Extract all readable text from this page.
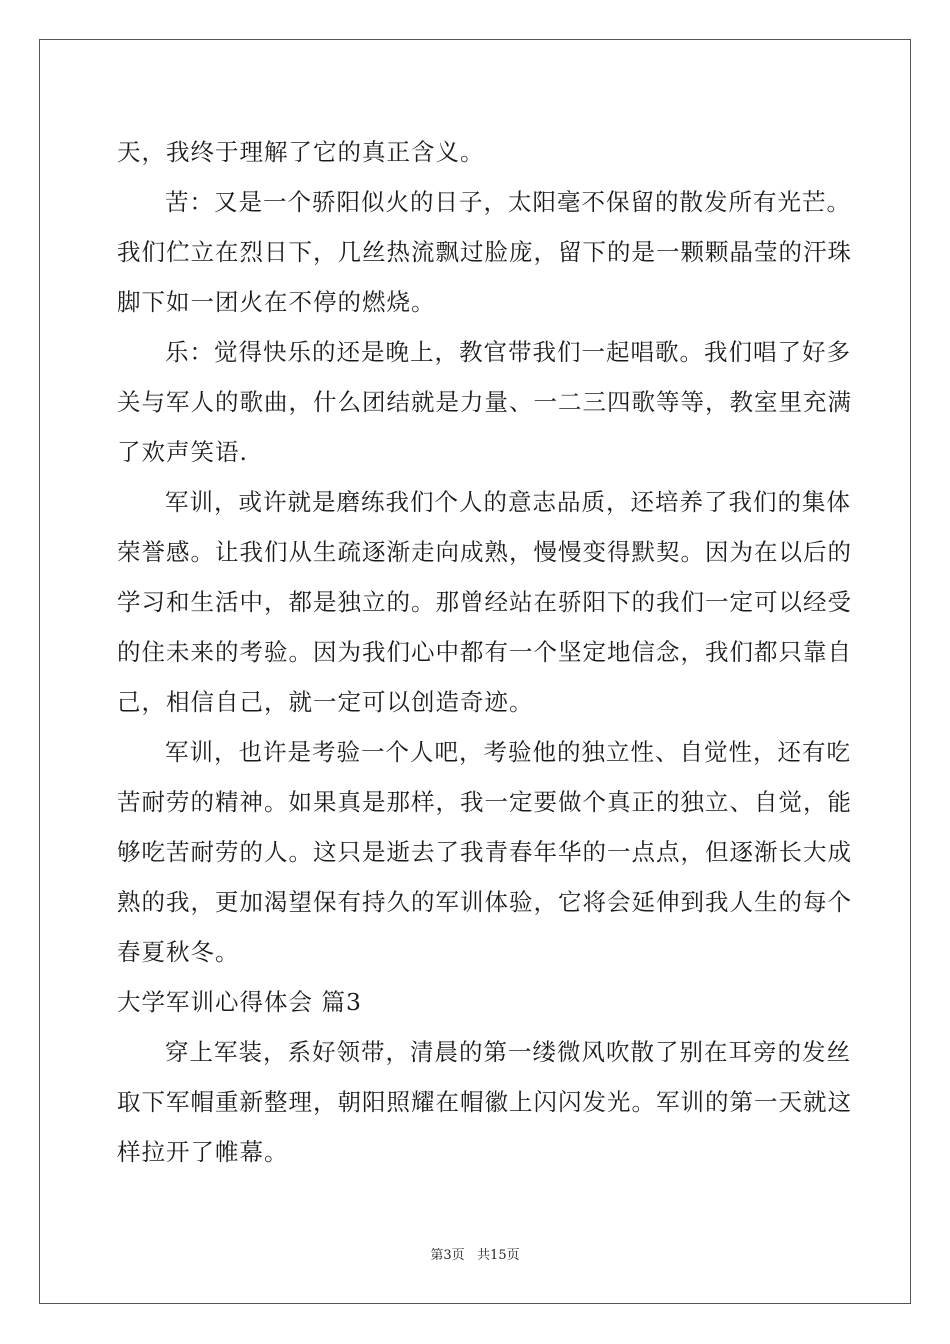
天，我终于理解了它的真正含义。
苦：又是一个骄阳似火的日子，太阳毫不保留的散发所有光芒。
我们伫立在烈日下，几丝热流飘过脸庞，留下的是一颗颗晶莹的汗珠
脚下如一团火在不停的燃烧。
乐：觉得快乐的还是晚上，教官带我们一起唱歌。我们唱了好多
关与军人的歌曲，什么团结就是力量、一二三四歌等等，教室里充满
了欢声笑语.
军训，或许就是磨练我们个人的意志品质，还培养了我们的集体
荣誉感。让我们从生疏逐渐走向成熟，慢慢变得默契。因为在以后的
学习和生活中，都是独立的。那曾经站在骄阳下的我们一定可以经受
的住未来的考验。因为我们心中都有一个坚定地信念，我们都只靠自
己，相信自己，就一定可以创造奇迹。
军训，也许是考验一个人吧，考验他的独立性、自觉性，还有吃
苦耐劳的精神。如果真是那样，我一定要做个真正的独立、自觉，能
够吃苦耐劳的人。这只是逝去了我青春年华的一点点，但逐渐长大成
熟的我，更加渴望保有持久的军训体验，它将会延伸到我人生的每个
春夏秋冬。
大学军训心得体会 篇3
穿上军装，系好领带，清晨的第一缕微风吹散了别在耳旁的发丝
取下军帽重新整理，朝阳照耀在帽徽上闪闪发光。军训的第一天就这
样拉开了帷幕。
第3页   共15页
